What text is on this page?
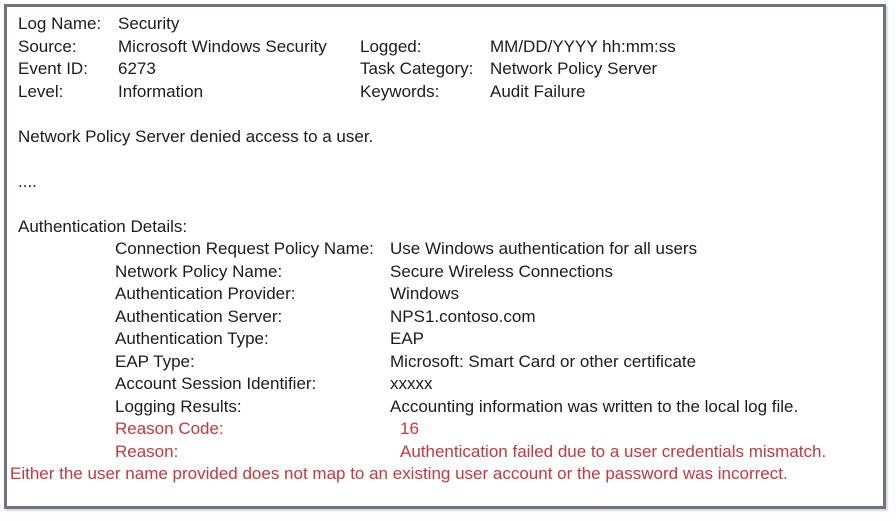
Log Name: Security
Source: Microsoft Windows Security Logged:	MM/DD/YYYY hh:mm:ss
Event ID: 6273	Task Category: Network Policy Server
Level:	Information	Keywords:	Audit Failure
Network Policy Server denied access to a user.
....
Authentication Details:
Connection Request Policy Name: Use Windows authentication for all users
Network Policy Name:	Secure Wireless Connections
Authentication Provider:	Windows
Authentication Server:	NPS1.contoso.com
Authentication Type:	EAP
EAP Type:	Microsoft: Smart Card or other certificate
Account Session Identifier:	xxxxx
Logging Results:	Accounting information was written to the local log file.
Reason Code:	16
Reason:	Authentication failed due to a user credentials mismatch.
Either the user name provided does not map to an existing user account or the password was incorrect.
